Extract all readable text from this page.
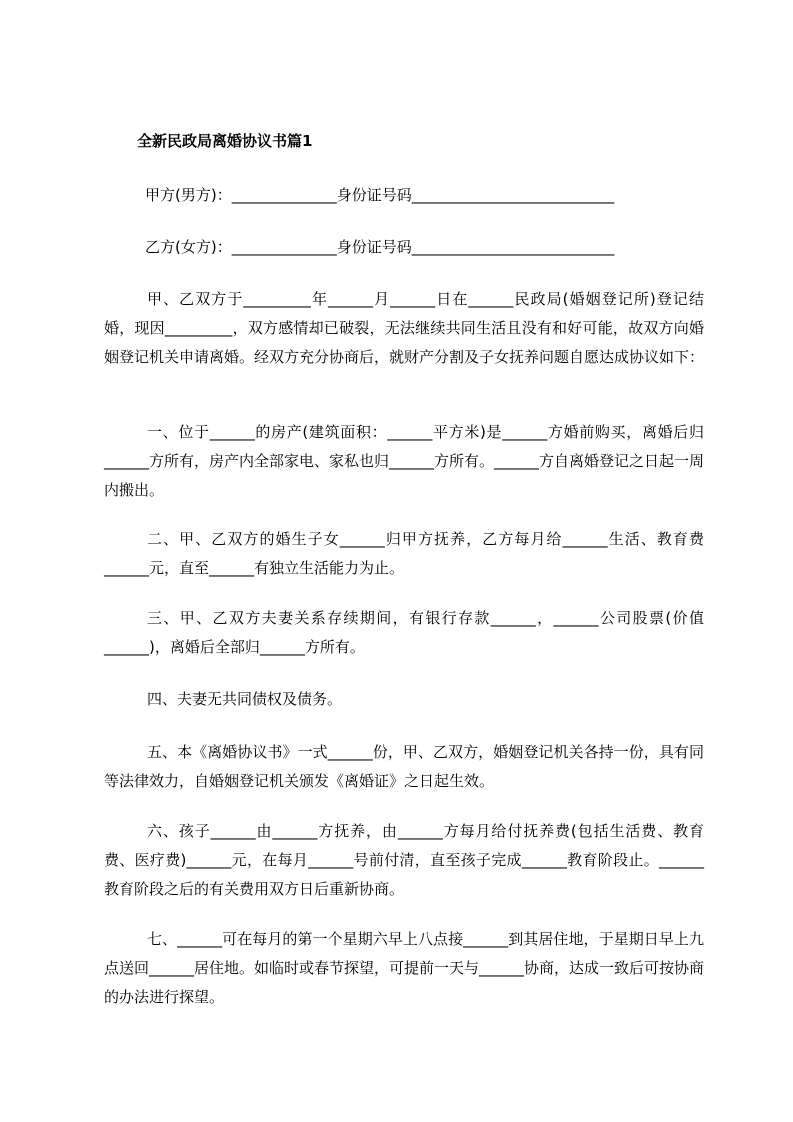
全新民政局离婚协议书篇1
甲方(男方)：______________身份证号码___________________________
乙方(女方)：______________身份证号码___________________________

甲、乙双方于_________年______月______日在______民政局(婚姻登记所)登记结婚，现因_________，双方感情却已破裂，无法继续共同生活且没有和好可能，故双方向婚姻登记机关申请离婚。经双方充分协商后，就财产分割及子女抚养问题自愿达成协议如下：

一、位于______的房产(建筑面积：______平方米)是______方婚前购买，离婚后归______方所有，房产内全部家电、家私也归______方所有。______方自离婚登记之日起一周内搬出。

二、甲、乙双方的婚生子女______归甲方抚养，乙方每月给______生活、教育费______元，直至______有独立生活能力为止。

三、甲、乙双方夫妻关系存续期间，有银行存款______，______公司股票(价值______)，离婚后全部归______方所有。

四、夫妻无共同债权及债务。

五、本《离婚协议书》一式______份，甲、乙双方，婚姻登记机关各持一份，具有同等法律效力，自婚姻登记机关颁发《离婚证》之日起生效。

六、孩子______由______方抚养，由______方每月给付抚养费(包括生活费、教育费、医疗费)______元，在每月______号前付清，直至孩子完成______教育阶段止。______教育阶段之后的有关费用双方日后重新协商。

七、______可在每月的第一个星期六早上八点接______到其居住地，于星期日早上九点送回______居住地。如临时或春节探望，可提前一天与______协商，达成一致后可按协商的办法进行探望。
